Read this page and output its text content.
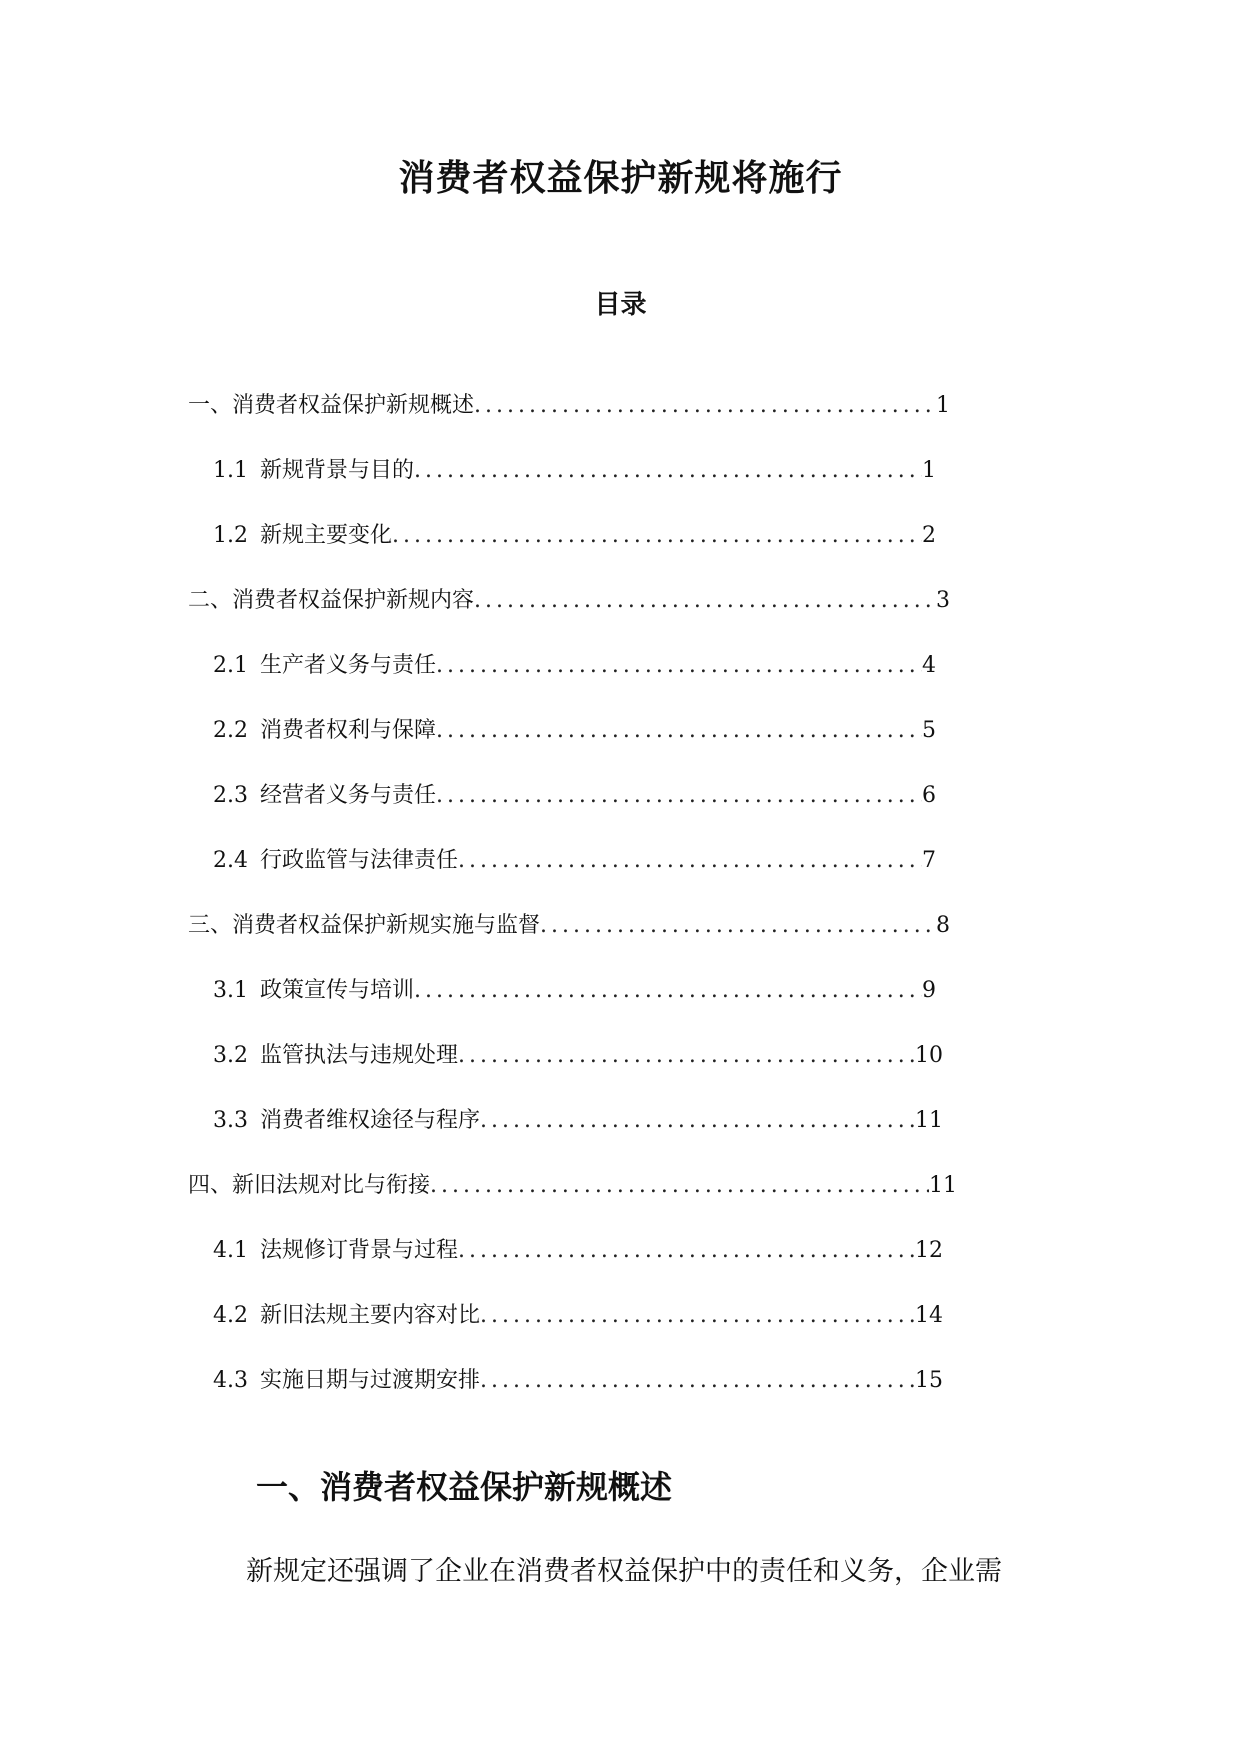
消费者权益保护新规将施行
目录
一、消费者权益保护新规概述 .....	1
1.1 新规背景与目的 .....	1
1.2 新规主要变化 .....	2
二、消费者权益保护新规内容 .....	3
2.1 生产者义务与责任 .....	4
2.2 消费者权利与保障 .....	5
2.3 经营者义务与责任 .....	6
2.4 行政监管与法律责任 .....	7
三、消费者权益保护新规实施与监督 .....	8
3.1 政策宣传与培训 .....	9
3.2 监管执法与违规处理 .....	10
3.3 消费者维权途径与程序 .....	11
四、新旧法规对比与衔接 .....	11
4.1 法规修订背景与过程 .....	12
4.2 新旧法规主要内容对比 .....	14
4.3 实施日期与过渡期安排 .....	15
一、消费者权益保护新规概述
新规定还强调了企业在消费者权益保护中的责任和义务，企业需
